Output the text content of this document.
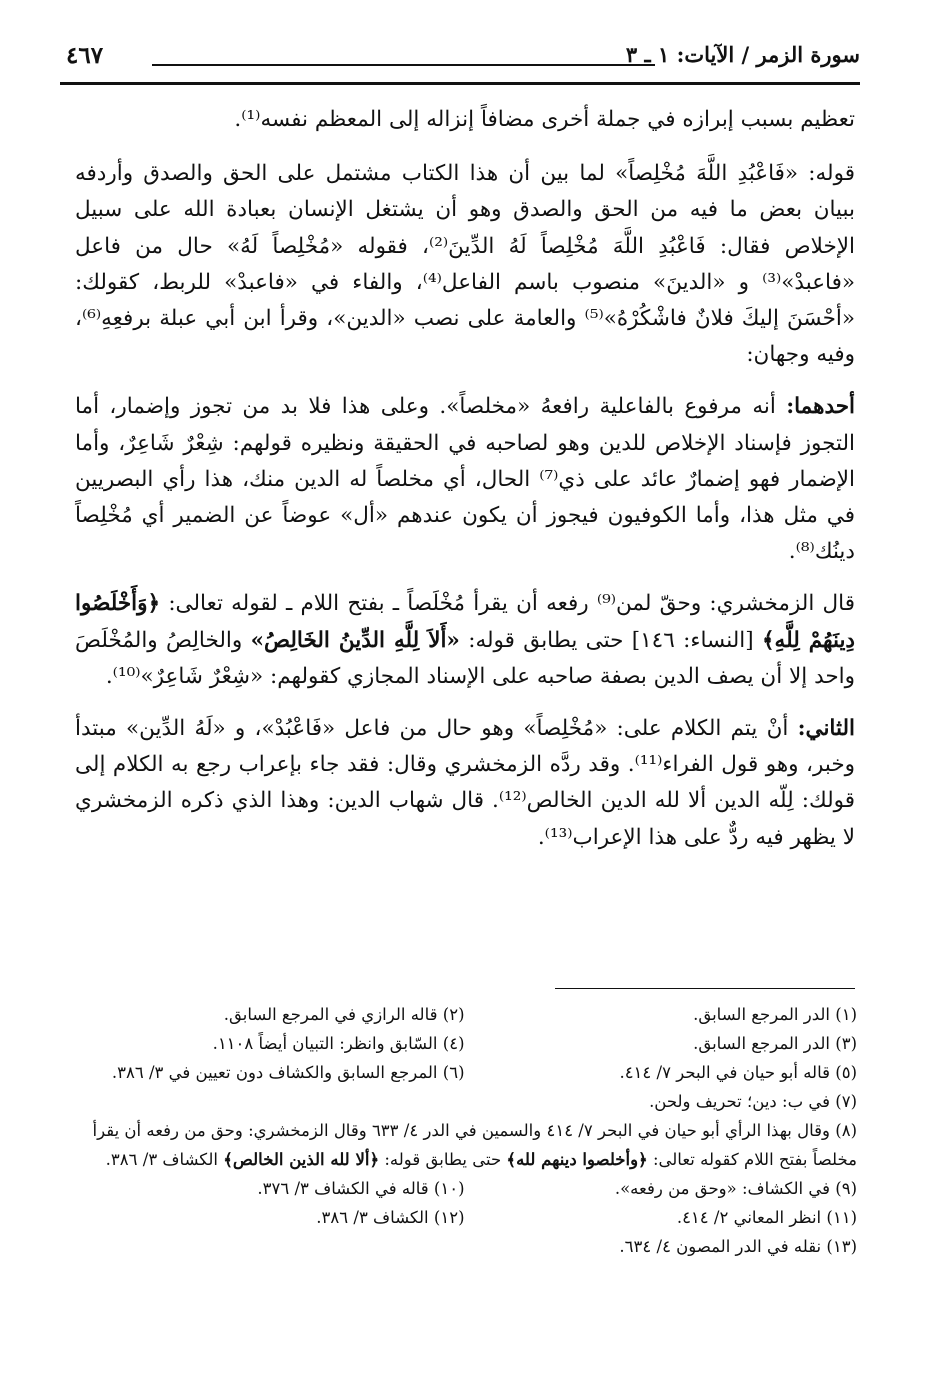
سورة الزمر / الآيات: ١ ـ ٣
٤٦٧

تعظيم بسبب إبرازه في جملة أخرى مضافاً إنزاله إلى المعظم نفسه⁽¹⁾.

قوله: «فَاعْبُدِ اللَّهَ مُخْلِصاً» لما بين أن هذا الكتاب مشتمل على الحق والصدق وأردفه ببيان بعض ما فيه من الحق والصدق وهو أن يشتغل الإنسان بعبادة الله على سبيل الإخلاص فقال: فَاعْبُدِ اللَّهَ مُخْلِصاً لَهُ الدِّينَ⁽²⁾، فقوله «مُخْلِصاً لَهُ» حال من فاعل «فاعبدْ»⁽³⁾ و «الدينَ» منصوب باسم الفاعل⁽⁴⁾، والفاء في «فاعبدْ» للربط، كقولك: «أحْسَنَ إليكَ فلانٌ فاشْكُرْهُ»⁽⁵⁾ والعامة على نصب «الدين»، وقرأ ابن أبي عبلة برفعِهِ⁽⁶⁾، وفيه وجهان:

أحدهما: أنه مرفوع بالفاعلية رافعهُ «مخلصاً». وعلى هذا فلا بد من تجوز وإضمار، أما التجوز فإسناد الإخلاص للدين وهو لصاحبه في الحقيقة ونظيره قولهم: شِعْرٌ شَاعِرٌ، وأما الإضمار فهو إضمارٌ عائد على ذي⁽⁷⁾ الحال، أي مخلصاً له الدين منك، هذا رأي البصريين في مثل هذا، وأما الكوفيون فيجوز أن يكون عندهم «أل» عوضاً عن الضمير أي مُخْلِصاً دينُك⁽⁸⁾.

قال الزمخشري: وحقّ لمن⁽⁹⁾ رفعه أن يقرأ مُخْلَصاً ـ بفتح اللام ـ لقوله تعالى: ﴿وَأَخْلَصُوا دِينَهُمْ لِلَّهِ﴾ [النساء: ١٤٦] حتى يطابق قوله: «أَلاَ لِلَّهِ الدِّينُ الخَالِصُ» والخالِصُ والمُخْلَصَ واحد إلا أن يصف الدين بصفة صاحبه على الإسناد المجازي كقولهم: «شِعْرٌ شَاعِرٌ»⁽¹⁰⁾.

الثاني: أنْ يتم الكلام على: «مُخْلِصاً» وهو حال من فاعل «فَاعْبُدْ»، و «لَهُ الدِّين» مبتدأ وخبر، وهو قول الفراء⁽¹¹⁾. وقد ردَّه الزمخشري وقال: فقد جاء بإعراب رجع به الكلام إلى قولك: لِلّه الدين ألا لله الدين الخالص⁽¹²⁾. قال شهاب الدين: وهذا الذي ذكره الزمخشري لا يظهر فيه ردٌّ على هذا الإعراب⁽¹³⁾.

(١) الدر المرجع السابق.
(٢) قاله الرازي في المرجع السابق.
(٣) الدر المرجع السابق.
(٤) السّابق وانظر: التبيان أيضاً ١١٠٨.
(٥) قاله أبو حيان في البحر ٧/ ٤١٤.
(٦) المرجع السابق والكشاف دون تعيين في ٣/ ٣٨٦.
(٧) في ب: دين؛ تحريف ولحن.
(٨) وقال بهذا الرأي أبو حيان في البحر ٧/ ٤١٤ والسمين في الدر ٤/ ٦٣٣ وقال الزمخشري: وحق من رفعه أن يقرأ مخلصاً بفتح اللام كقوله تعالى: ﴿وأخلصوا دينهم لله﴾ حتى يطابق قوله: ﴿ألا لله الذين الخالص﴾ الكشاف ٣/ ٣٨٦.
(٩) في الكشاف: «وحق من رفعه».
(١٠) قاله في الكشاف ٣/ ٣٧٦.
(١١) انظر المعاني ٢/ ٤١٤.
(١٢) الكشاف ٣/ ٣٨٦.
(١٣) نقله في الدر المصون ٤/ ٦٣٤.
